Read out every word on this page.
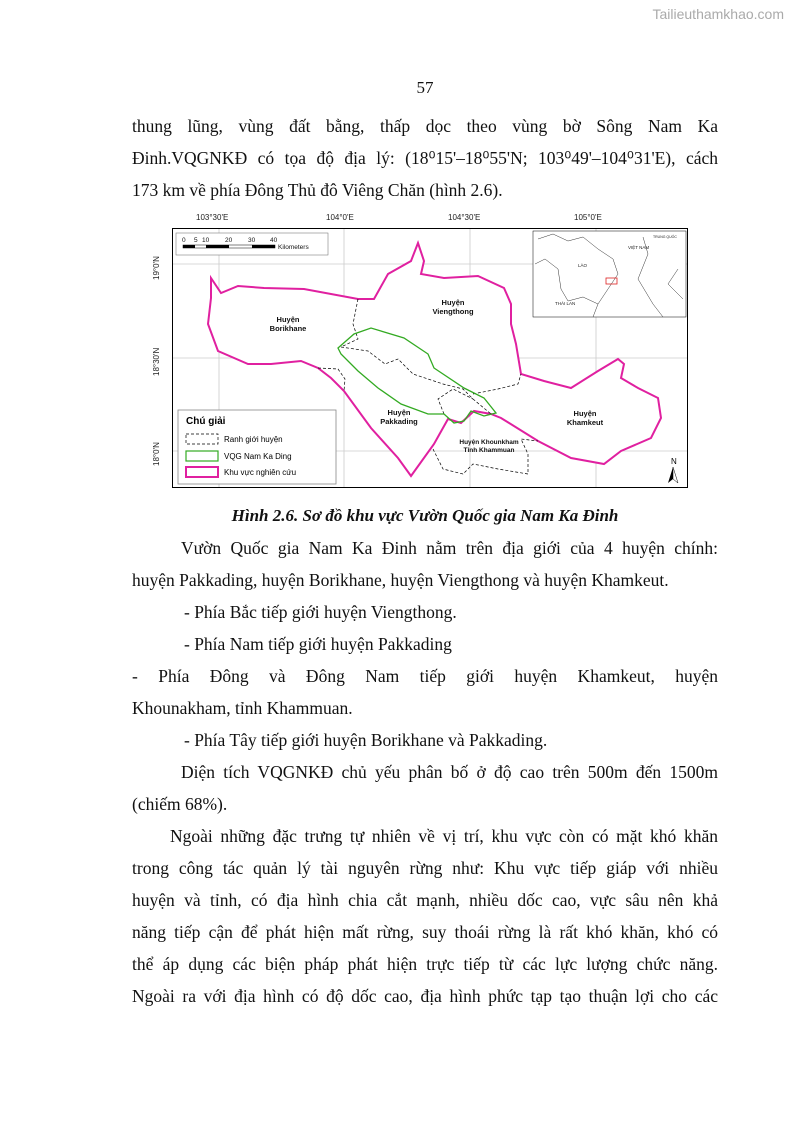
Tailieuthamkhao.com
57
thung lũng, vùng đất bằng, thấp dọc theo vùng bờ Sông Nam Ka
Đinh.VQGNKĐ có tọa độ địa lý: (18⁰15'–18⁰55'N; 103⁰49'–104⁰31'E), cách
173 km về phía Đông Thủ đô Viêng Chăn (hình 2.6).
103°30'E	104°0'E	104°30'E	105°0'E
19°0'N
18°30'N
18°0'N
Huyện
Borikhane
Huyện
Viengthong
Huyện
Pakkading
Huyện
Khamkeut
Huyện Khounkham
Tỉnh Khammuan
0 5 10 20 30 40
Kilometers	VIỆT NAM
LÀO
THÁI LAN
TRUNG QUỐC
Chú giải
Ranh giới huyện
VQG Nam Ka Ding
Khu vực nghiên cứu
N
Hình 2.6. Sơ đồ khu vực Vườn Quốc gia Nam Ka Đinh
Vườn Quốc gia Nam Ka Đinh nằm trên địa giới của 4 huyện chính:
huyện Pakkading, huyện Borikhane, huyện Viengthong và huyện Khamkeut.
- Phía Bắc tiếp giới huyện Viengthong.
- Phía Nam tiếp giới huyện Pakkading
- Phía Đông và Đông Nam tiếp giới huyện Khamkeut, huyện
Khounakham, tỉnh Khammuan.
- Phía Tây tiếp giới huyện Borikhane và Pakkading.
Diện tích VQGNKĐ chủ yếu phân bố ở độ cao trên 500m đến 1500m
(chiếm 68%).
Ngoài những đặc trưng tự nhiên về vị trí, khu vực còn có mặt khó khăn
trong công tác quản lý tài nguyên rừng như: Khu vực tiếp giáp với nhiều
huyện và tỉnh, có địa hình chia cắt mạnh, nhiều dốc cao, vực sâu nên khả
năng tiếp cận để phát hiện mất rừng, suy thoái rừng là rất khó khăn, khó có
thể áp dụng các biện pháp phát hiện trực tiếp từ các lực lượng chức năng.
Ngoài ra với địa hình có độ dốc cao, địa hình phức tạp tạo thuận lợi cho các
